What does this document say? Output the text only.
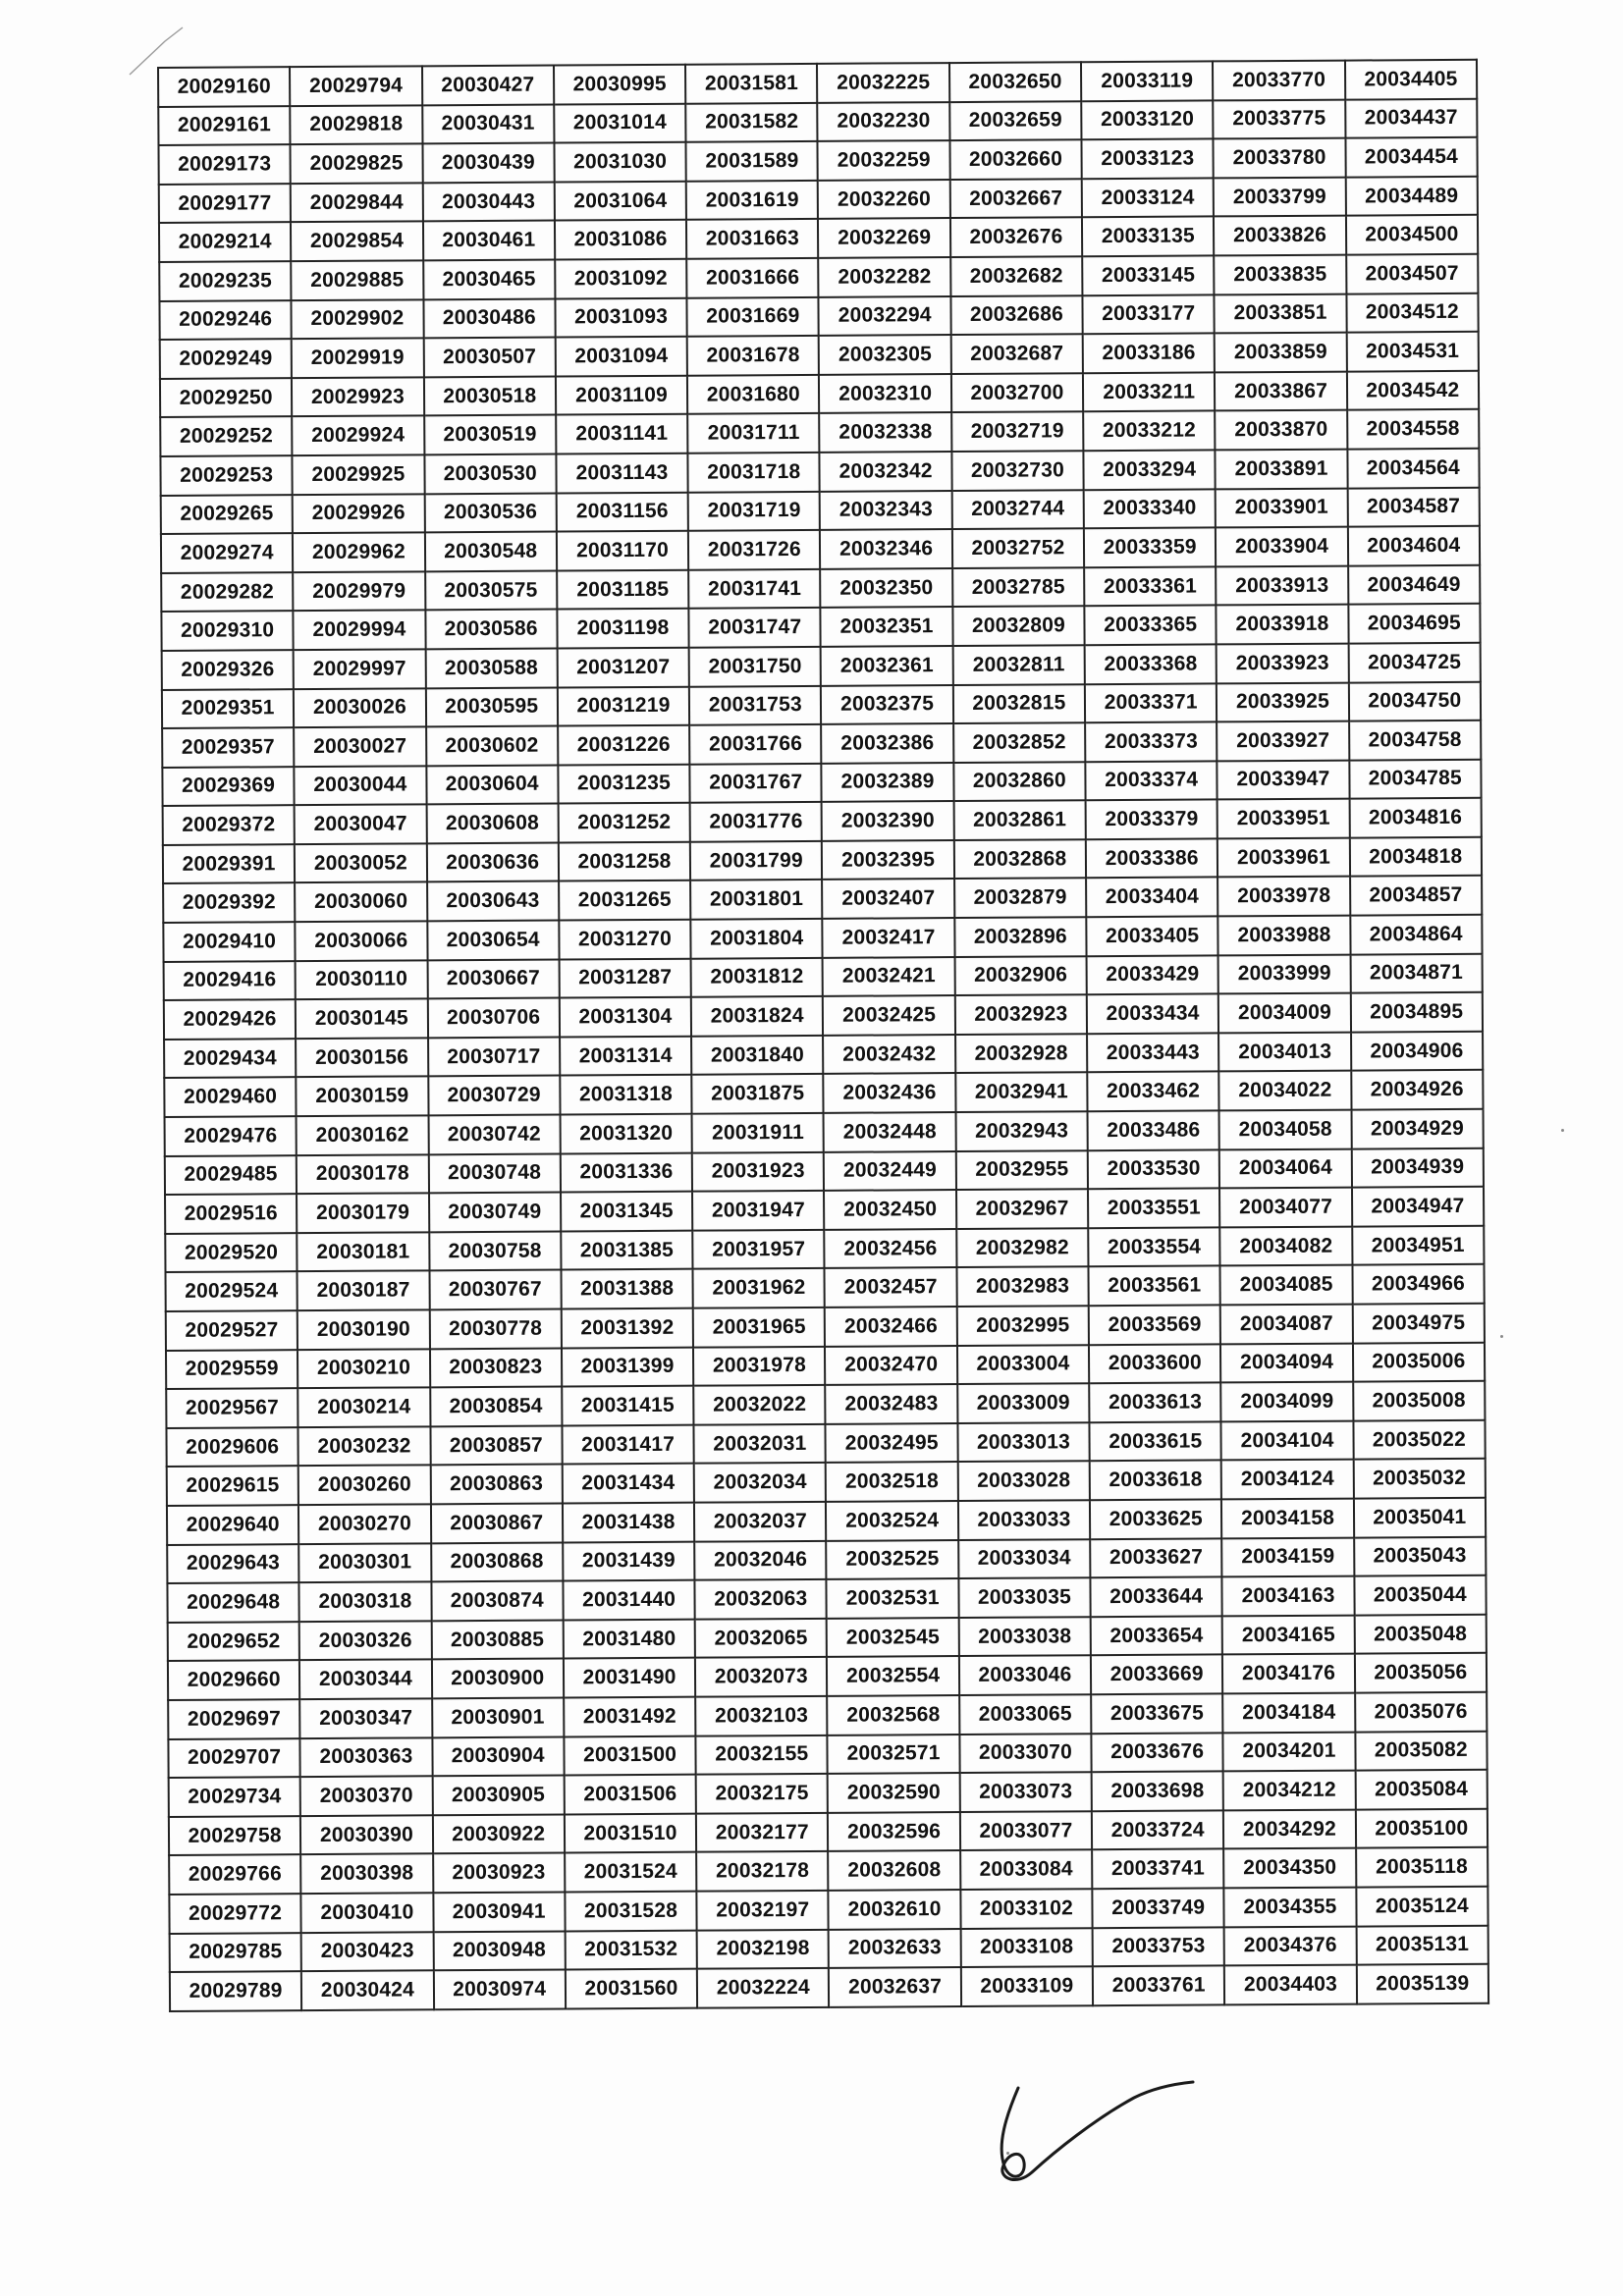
20029160	20029794	20030427	20030995	20031581	20032225	20032650	20033119	20033770	20034405
20029161	20029818	20030431	20031014	20031582	20032230	20032659	20033120	20033775	20034437
20029173	20029825	20030439	20031030	20031589	20032259	20032660	20033123	20033780	20034454
20029177	20029844	20030443	20031064	20031619	20032260	20032667	20033124	20033799	20034489
20029214	20029854	20030461	20031086	20031663	20032269	20032676	20033135	20033826	20034500
20029235	20029885	20030465	20031092	20031666	20032282	20032682	20033145	20033835	20034507
20029246	20029902	20030486	20031093	20031669	20032294	20032686	20033177	20033851	20034512
20029249	20029919	20030507	20031094	20031678	20032305	20032687	20033186	20033859	20034531
20029250	20029923	20030518	20031109	20031680	20032310	20032700	20033211	20033867	20034542
20029252	20029924	20030519	20031141	20031711	20032338	20032719	20033212	20033870	20034558
20029253	20029925	20030530	20031143	20031718	20032342	20032730	20033294	20033891	20034564
20029265	20029926	20030536	20031156	20031719	20032343	20032744	20033340	20033901	20034587
20029274	20029962	20030548	20031170	20031726	20032346	20032752	20033359	20033904	20034604
20029282	20029979	20030575	20031185	20031741	20032350	20032785	20033361	20033913	20034649
20029310	20029994	20030586	20031198	20031747	20032351	20032809	20033365	20033918	20034695
20029326	20029997	20030588	20031207	20031750	20032361	20032811	20033368	20033923	20034725
20029351	20030026	20030595	20031219	20031753	20032375	20032815	20033371	20033925	20034750
20029357	20030027	20030602	20031226	20031766	20032386	20032852	20033373	20033927	20034758
20029369	20030044	20030604	20031235	20031767	20032389	20032860	20033374	20033947	20034785
20029372	20030047	20030608	20031252	20031776	20032390	20032861	20033379	20033951	20034816
20029391	20030052	20030636	20031258	20031799	20032395	20032868	20033386	20033961	20034818
20029392	20030060	20030643	20031265	20031801	20032407	20032879	20033404	20033978	20034857
20029410	20030066	20030654	20031270	20031804	20032417	20032896	20033405	20033988	20034864
20029416	20030110	20030667	20031287	20031812	20032421	20032906	20033429	20033999	20034871
20029426	20030145	20030706	20031304	20031824	20032425	20032923	20033434	20034009	20034895
20029434	20030156	20030717	20031314	20031840	20032432	20032928	20033443	20034013	20034906
20029460	20030159	20030729	20031318	20031875	20032436	20032941	20033462	20034022	20034926
20029476	20030162	20030742	20031320	20031911	20032448	20032943	20033486	20034058	20034929
20029485	20030178	20030748	20031336	20031923	20032449	20032955	20033530	20034064	20034939
20029516	20030179	20030749	20031345	20031947	20032450	20032967	20033551	20034077	20034947
20029520	20030181	20030758	20031385	20031957	20032456	20032982	20033554	20034082	20034951
20029524	20030187	20030767	20031388	20031962	20032457	20032983	20033561	20034085	20034966
20029527	20030190	20030778	20031392	20031965	20032466	20032995	20033569	20034087	20034975
20029559	20030210	20030823	20031399	20031978	20032470	20033004	20033600	20034094	20035006
20029567	20030214	20030854	20031415	20032022	20032483	20033009	20033613	20034099	20035008
20029606	20030232	20030857	20031417	20032031	20032495	20033013	20033615	20034104	20035022
20029615	20030260	20030863	20031434	20032034	20032518	20033028	20033618	20034124	20035032
20029640	20030270	20030867	20031438	20032037	20032524	20033033	20033625	20034158	20035041
20029643	20030301	20030868	20031439	20032046	20032525	20033034	20033627	20034159	20035043
20029648	20030318	20030874	20031440	20032063	20032531	20033035	20033644	20034163	20035044
20029652	20030326	20030885	20031480	20032065	20032545	20033038	20033654	20034165	20035048
20029660	20030344	20030900	20031490	20032073	20032554	20033046	20033669	20034176	20035056
20029697	20030347	20030901	20031492	20032103	20032568	20033065	20033675	20034184	20035076
20029707	20030363	20030904	20031500	20032155	20032571	20033070	20033676	20034201	20035082
20029734	20030370	20030905	20031506	20032175	20032590	20033073	20033698	20034212	20035084
20029758	20030390	20030922	20031510	20032177	20032596	20033077	20033724	20034292	20035100
20029766	20030398	20030923	20031524	20032178	20032608	20033084	20033741	20034350	20035118
20029772	20030410	20030941	20031528	20032197	20032610	20033102	20033749	20034355	20035124
20029785	20030423	20030948	20031532	20032198	20032633	20033108	20033753	20034376	20035131
20029789	20030424	20030974	20031560	20032224	20032637	20033109	20033761	20034403	20035139
